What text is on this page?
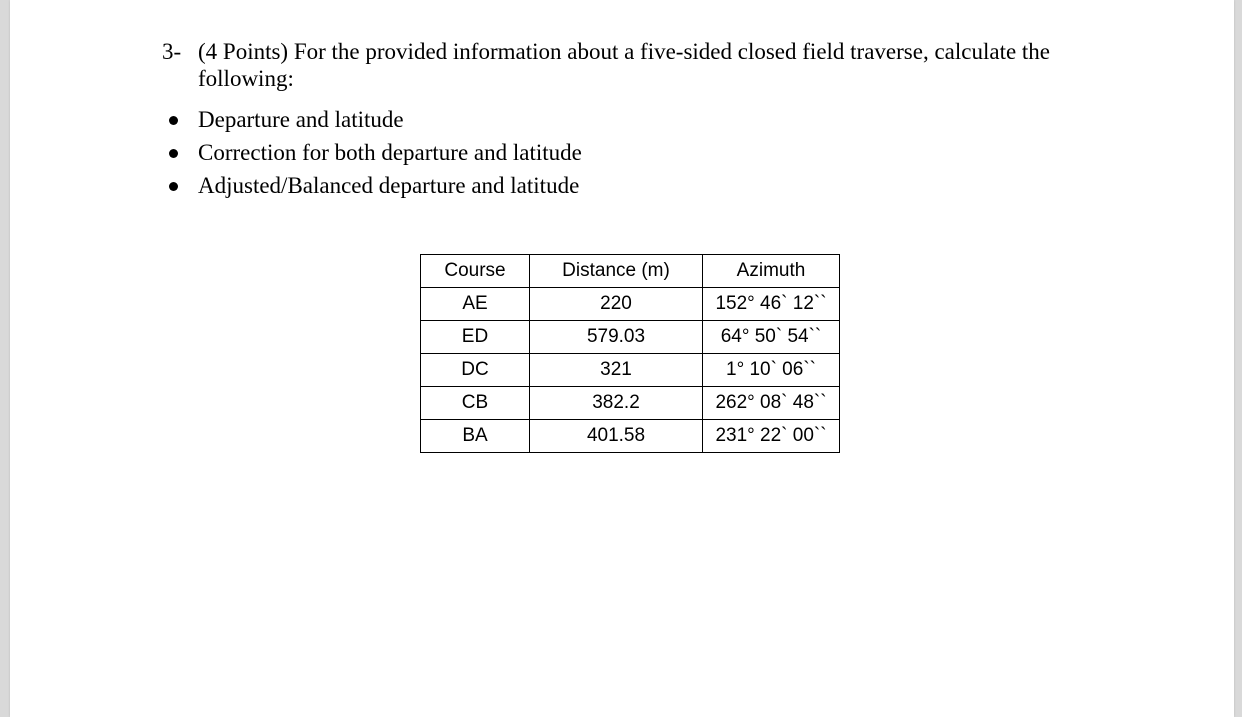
3- (4 Points) For the provided information about a five-sided closed field traverse, calculate the following:
Departure and latitude
Correction for both departure and latitude
Adjusted/Balanced departure and latitude
Course	Distance (m)	Azimuth
AE	220	152° 46` 12``
ED	579.03	64° 50` 54``
DC	321	1° 10` 06``
CB	382.2	262° 08` 48``
BA	401.58	231° 22` 00``
